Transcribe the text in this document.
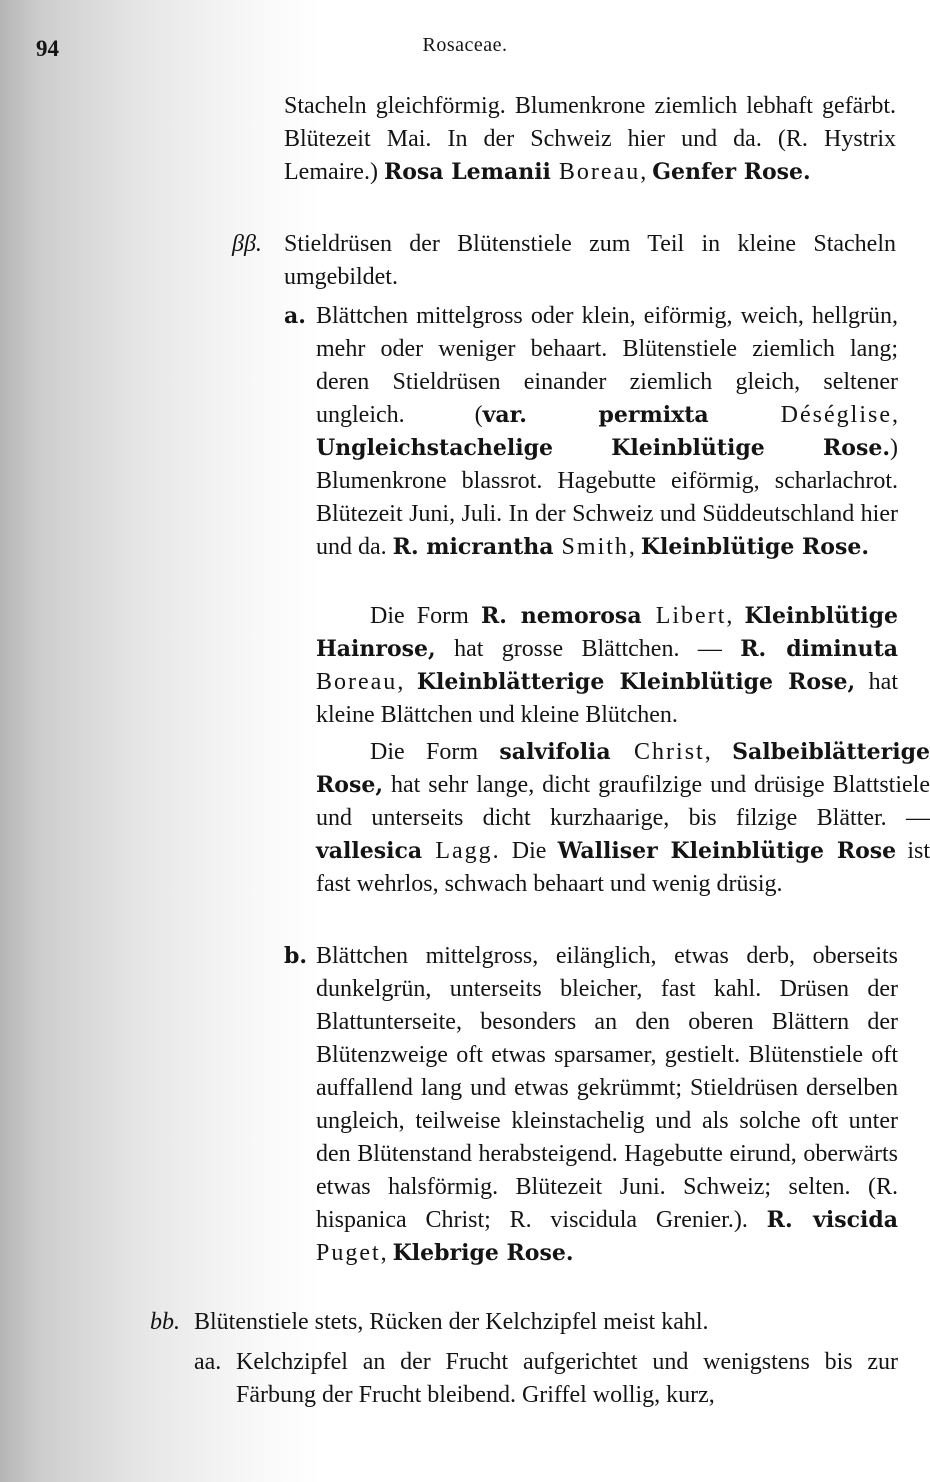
94	Rosaceae.

Stacheln gleichförmig. Blumenkrone ziemlich lebhaft gefärbt. Blütezeit Mai. In der Schweiz hier und da. (R. Hystrix Lemaire.) Rosa Lemanii Boreau, Genfer Rose.

ββ. Stieldrüsen der Blütenstiele zum Teil in kleine Stacheln umgebildet.

a. Blättchen mittelgross oder klein, eiförmig, weich, hellgrün, mehr oder weniger behaart. Blütenstiele ziemlich lang; deren Stieldrüsen einander ziemlich gleich, seltener ungleich. (var. permixta Déséglise, Ungleichstachelige Kleinblütige Rose.) Blumenkrone blassrot. Hagebutte eiförmig, scharlachrot. Blütezeit Juni, Juli. In der Schweiz und Süddeutschland hier und da. R. micrantha Smith, Kleinblütige Rose.

Die Form R. nemorosa Libert, Kleinblütige Hainrose, hat grosse Blättchen. — R. diminuta Boreau, Kleinblätterige Kleinblütige Rose, hat kleine Blättchen und kleine Blütchen.

Die Form salvifolia Christ, Salbeiblätterige Rose, hat sehr lange, dicht graufilzige und drüsige Blattstiele und unterseits dicht kurzhaarige, bis filzige Blätter. — vallesica Lagg. Die Walliser Kleinblütige Rose ist fast wehrlos, schwach behaart und wenig drüsig.

b. Blättchen mittelgross, eilänglich, etwas derb, oberseits dunkelgrün, unterseits bleicher, fast kahl. Drüsen der Blattunterseite, besonders an den oberen Blättern der Blütenzweige oft etwas sparsamer, gestielt. Blütenstiele oft auffallend lang und etwas gekrümmt; Stieldrüsen derselben ungleich, teilweise kleinstachelig und als solche oft unter den Blütenstand herabsteigend. Hagebutte eirund, oberwärts etwas halsförmig. Blütezeit Juni. Schweiz; selten. (R. hispanica Christ; R. viscidula Grenier.). R. viscida Puget, Klebrige Rose.

bb. Blütenstiele stets, Rücken der Kelchzipfel meist kahl.

aa. Kelchzipfel an der Frucht aufgerichtet und wenigstens bis zur Färbung der Frucht bleibend. Griffel wollig, kurz,
